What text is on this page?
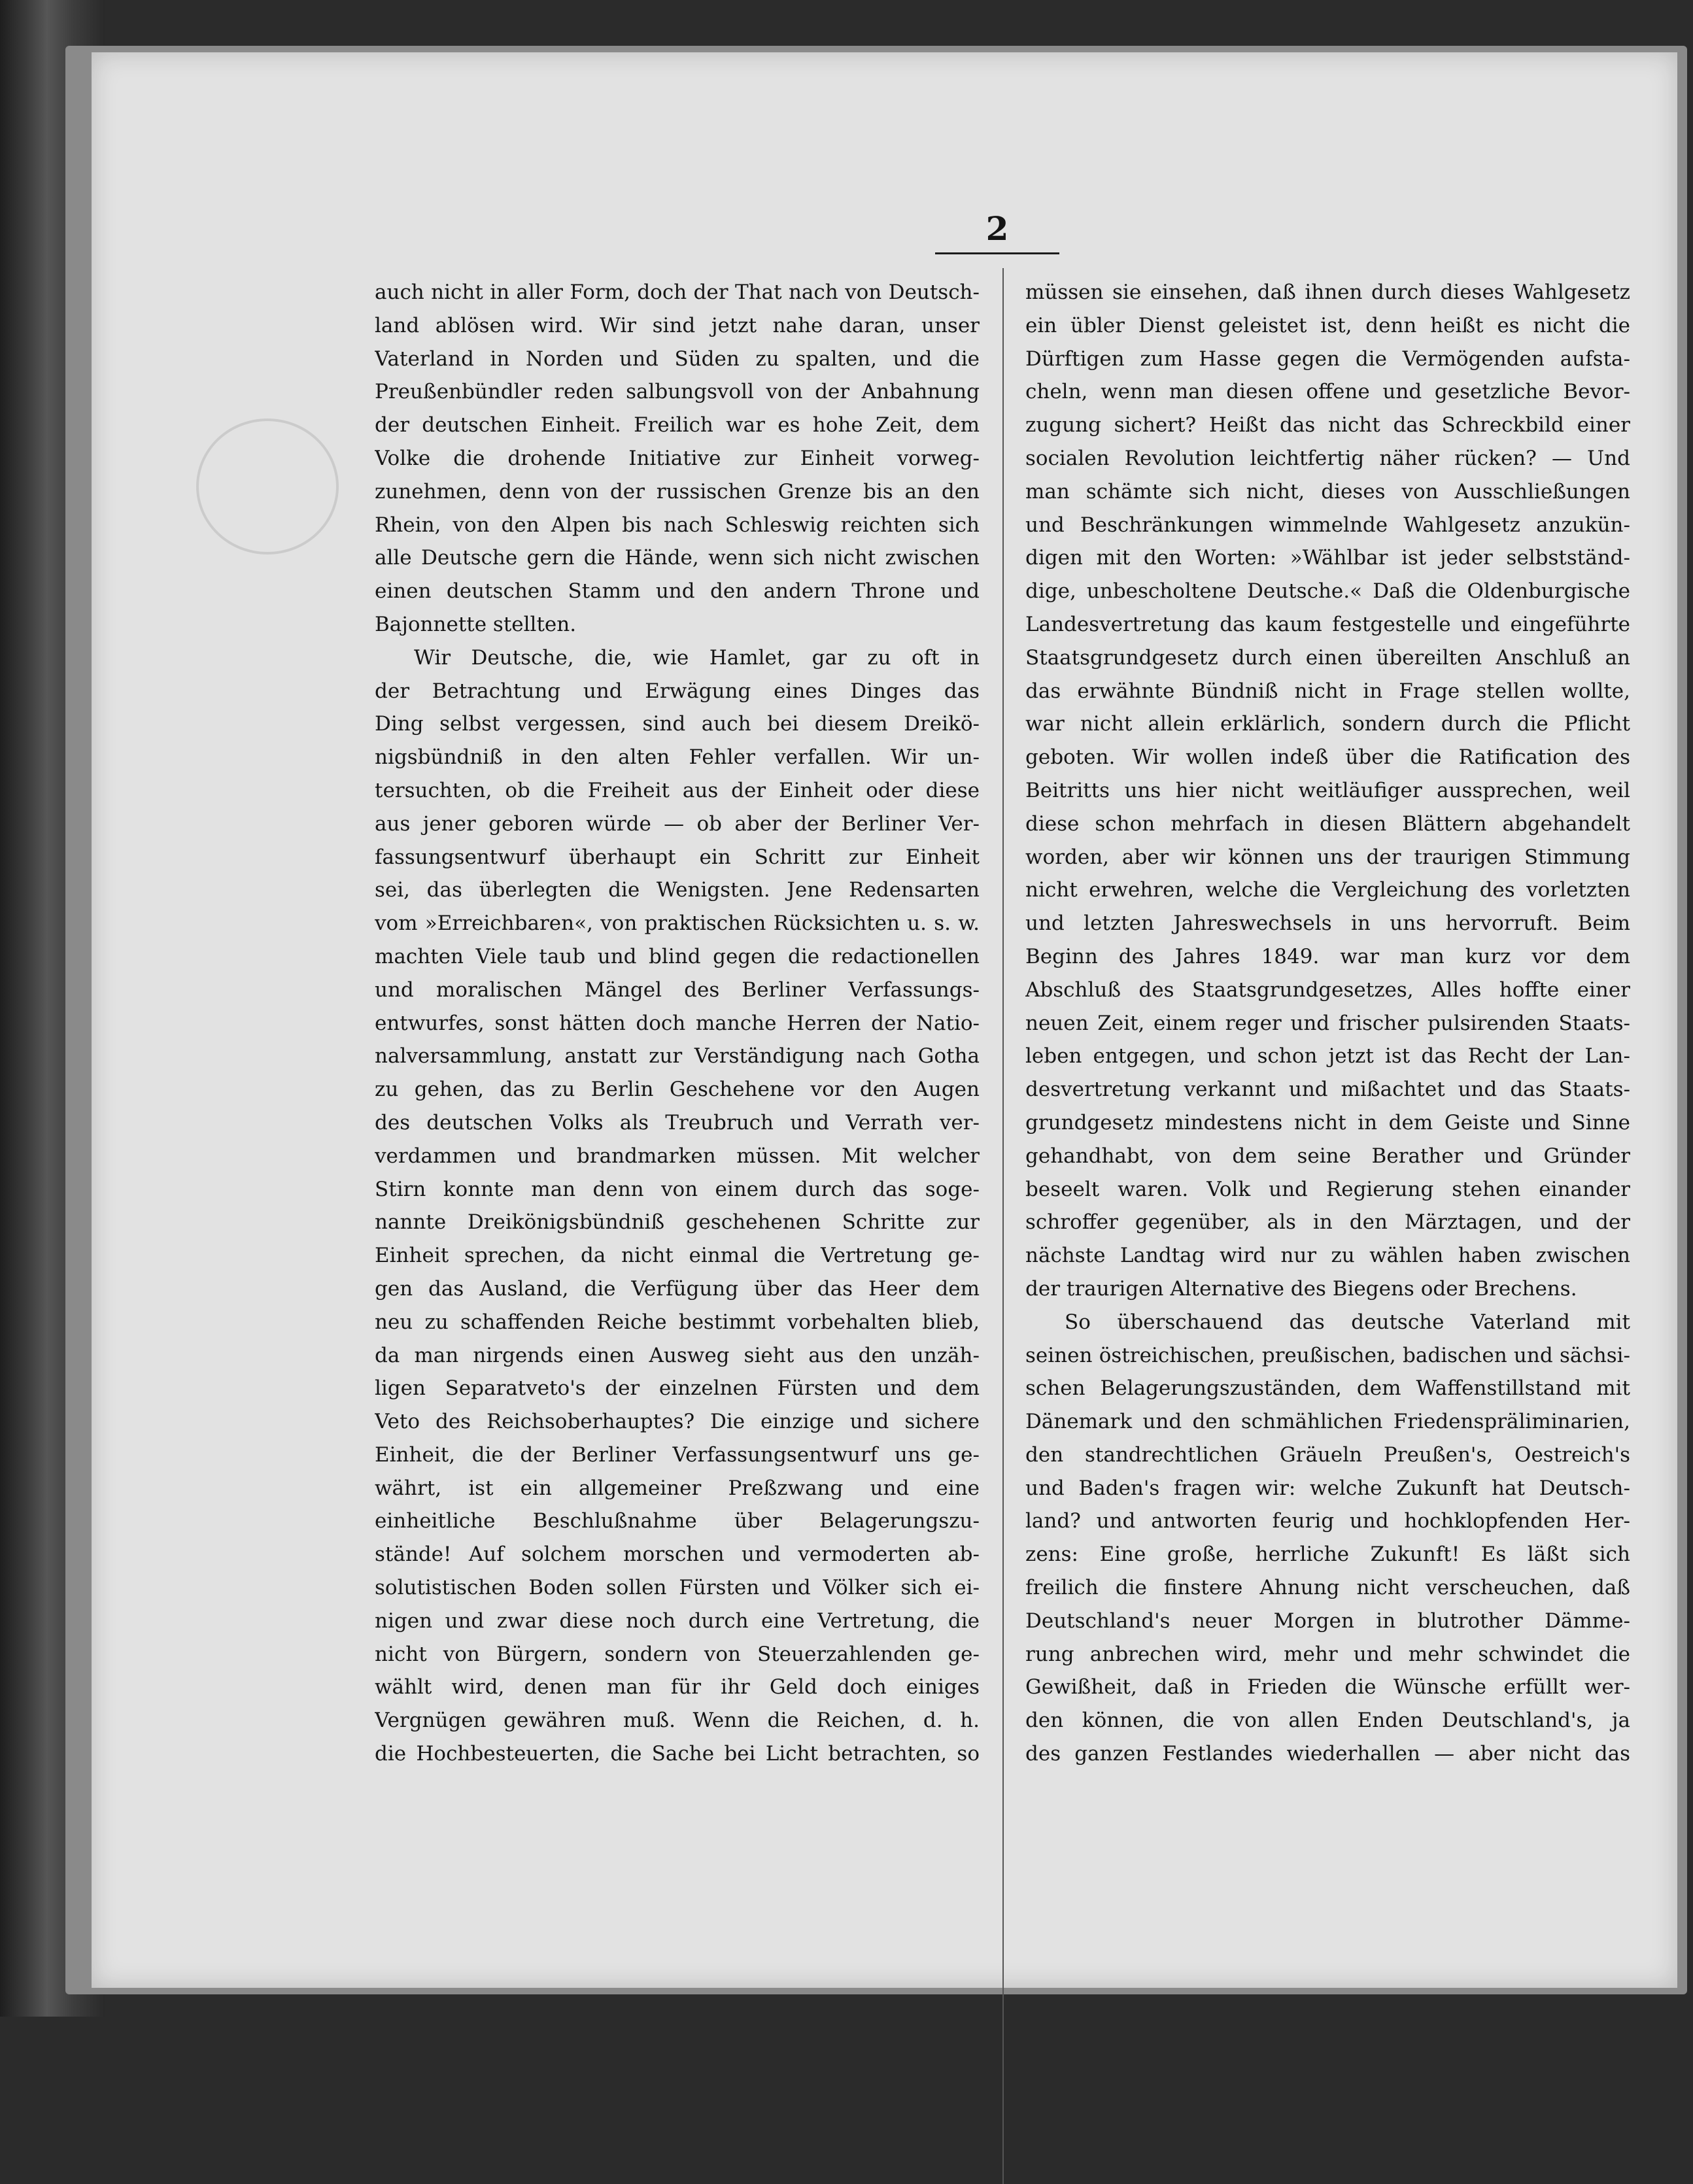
2
auch nicht in aller Form, doch der That nach von Deutsch-
land ablösen wird. Wir sind jetzt nahe daran, unser
Vaterland in Norden und Süden zu spalten, und die
Preußenbündler reden salbungsvoll von der Anbahnung
der deutschen Einheit. Freilich war es hohe Zeit, dem
Volke die drohende Initiative zur Einheit vorweg-
zunehmen, denn von der russischen Grenze bis an den
Rhein, von den Alpen bis nach Schleswig reichten sich
alle Deutsche gern die Hände, wenn sich nicht zwischen
einen deutschen Stamm und den andern Throne und
Bajonnette stellten.
Wir Deutsche, die, wie Hamlet, gar zu oft in
der Betrachtung und Erwägung eines Dinges das
Ding selbst vergessen, sind auch bei diesem Dreikö-
nigsbündniß in den alten Fehler verfallen. Wir un-
tersuchten, ob die Freiheit aus der Einheit oder diese
aus jener geboren würde — ob aber der Berliner Ver-
fassungsentwurf überhaupt ein Schritt zur Einheit
sei, das überlegten die Wenigsten. Jene Redensarten
vom »Erreichbaren«, von praktischen Rücksichten u. s. w.
machten Viele taub und blind gegen die redactionellen
und moralischen Mängel des Berliner Verfassungs-
entwurfes, sonst hätten doch manche Herren der Natio-
nalversammlung, anstatt zur Verständigung nach Gotha
zu gehen, das zu Berlin Geschehene vor den Augen
des deutschen Volks als Treubruch und Verrath ver-
verdammen und brandmarken müssen. Mit welcher
Stirn konnte man denn von einem durch das soge-
nannte Dreikönigsbündniß geschehenen Schritte zur
Einheit sprechen, da nicht einmal die Vertretung ge-
gen das Ausland, die Verfügung über das Heer dem
neu zu schaffenden Reiche bestimmt vorbehalten blieb,
da man nirgends einen Ausweg sieht aus den unzäh-
ligen Separatveto's der einzelnen Fürsten und dem
Veto des Reichsoberhauptes? Die einzige und sichere
Einheit, die der Berliner Verfassungsentwurf uns ge-
währt, ist ein allgemeiner Preßzwang und eine
einheitliche Beschlußnahme über Belagerungszu-
stände! Auf solchem morschen und vermoderten ab-
solutistischen Boden sollen Fürsten und Völker sich ei-
nigen und zwar diese noch durch eine Vertretung, die
nicht von Bürgern, sondern von Steuerzahlenden ge-
wählt wird, denen man für ihr Geld doch einiges
Vergnügen gewähren muß. Wenn die Reichen, d. h.
die Hochbesteuerten, die Sache bei Licht betrachten, so
müssen sie einsehen, daß ihnen durch dieses Wahlgesetz
ein übler Dienst geleistet ist, denn heißt es nicht die
Dürftigen zum Hasse gegen die Vermögenden aufsta-
cheln, wenn man diesen offene und gesetzliche Bevor-
zugung sichert? Heißt das nicht das Schreckbild einer
socialen Revolution leichtfertig näher rücken? — Und
man schämte sich nicht, dieses von Ausschließungen
und Beschränkungen wimmelnde Wahlgesetz anzukün-
digen mit den Worten: »Wählbar ist jeder selbstständ-
dige, unbescholtene Deutsche.« Daß die Oldenburgische
Landesvertretung das kaum festgestelle und eingeführte
Staatsgrundgesetz durch einen übereilten Anschluß an
das erwähnte Bündniß nicht in Frage stellen wollte,
war nicht allein erklärlich, sondern durch die Pflicht
geboten. Wir wollen indeß über die Ratification des
Beitritts uns hier nicht weitläufiger aussprechen, weil
diese schon mehrfach in diesen Blättern abgehandelt
worden, aber wir können uns der traurigen Stimmung
nicht erwehren, welche die Vergleichung des vorletzten
und letzten Jahreswechsels in uns hervorruft. Beim
Beginn des Jahres 1849. war man kurz vor dem
Abschluß des Staatsgrundgesetzes, Alles hoffte einer
neuen Zeit, einem reger und frischer pulsirenden Staats-
leben entgegen, und schon jetzt ist das Recht der Lan-
desvertretung verkannt und mißachtet und das Staats-
grundgesetz mindestens nicht in dem Geiste und Sinne
gehandhabt, von dem seine Berather und Gründer
beseelt waren. Volk und Regierung stehen einander
schroffer gegenüber, als in den Märztagen, und der
nächste Landtag wird nur zu wählen haben zwischen
der traurigen Alternative des Biegens oder Brechens.
So überschauend das deutsche Vaterland mit
seinen östreichischen, preußischen, badischen und sächsi-
schen Belagerungszuständen, dem Waffenstillstand mit
Dänemark und den schmählichen Friedenspräliminarien,
den standrechtlichen Gräueln Preußen's, Oestreich's
und Baden's fragen wir: welche Zukunft hat Deutsch-
land? und antworten feurig und hochklopfenden Her-
zens: Eine große, herrliche Zukunft! Es läßt sich
freilich die finstere Ahnung nicht verscheuchen, daß
Deutschland's neuer Morgen in blutrother Dämme-
rung anbrechen wird, mehr und mehr schwindet die
Gewißheit, daß in Frieden die Wünsche erfüllt wer-
den können, die von allen Enden Deutschland's, ja
des ganzen Festlandes wiederhallen — aber nicht das
